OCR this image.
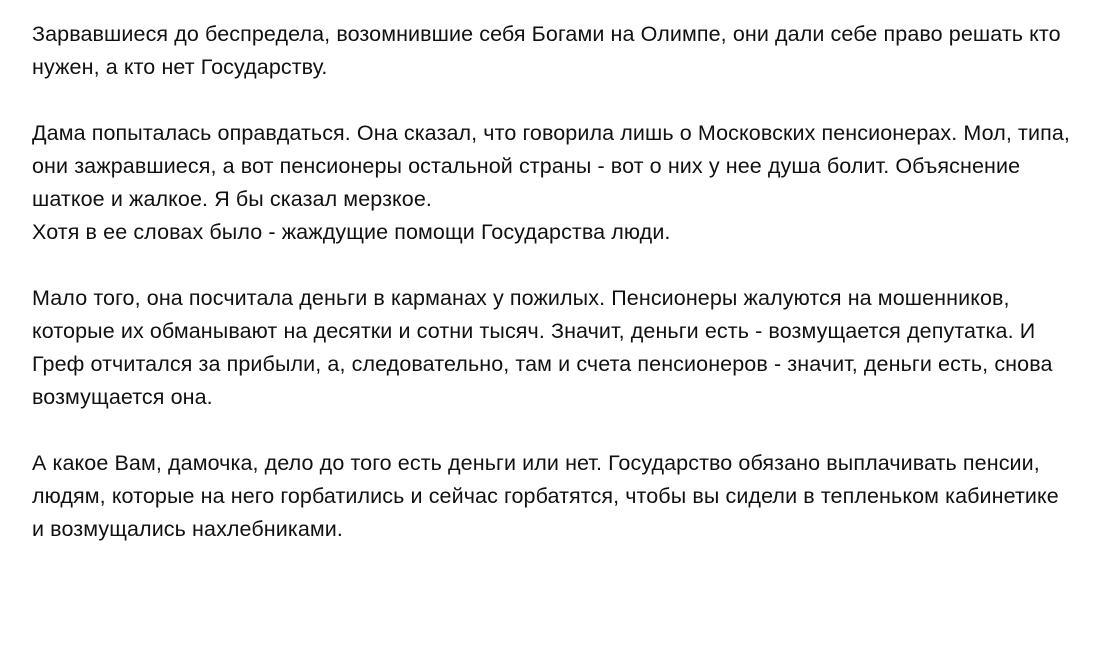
Зарвавшиеся до беспредела, возомнившие себя Богами на Олимпе, они дали себе право решать кто нужен, а кто нет Государству.

Дама попыталась оправдаться. Она сказал, что говорила лишь о Московских пенсионерах. Мол, типа, они зажравшиеся, а вот пенсионеры остальной страны - вот о них у нее душа болит. Объяснение шаткое и жалкое. Я бы сказал мерзкое.

Хотя в ее словах было - жаждущие помощи Государства люди.

Мало того, она посчитала деньги в карманах у пожилых. Пенсионеры жалуются на мошенников, которые их обманывают на десятки и сотни тысяч. Значит, деньги есть - возмущается депутатка. И Греф отчитался за прибыли, а, следовательно, там и счета пенсионеров - значит, деньги есть, снова возмущается она.

А какое Вам, дамочка, дело до того есть деньги или нет. Государство обязано выплачивать пенсии, людям, которые на него горбатились и сейчас горбатятся, чтобы вы сидели в тепленьком кабинетике и возмущались нахлебниками.
